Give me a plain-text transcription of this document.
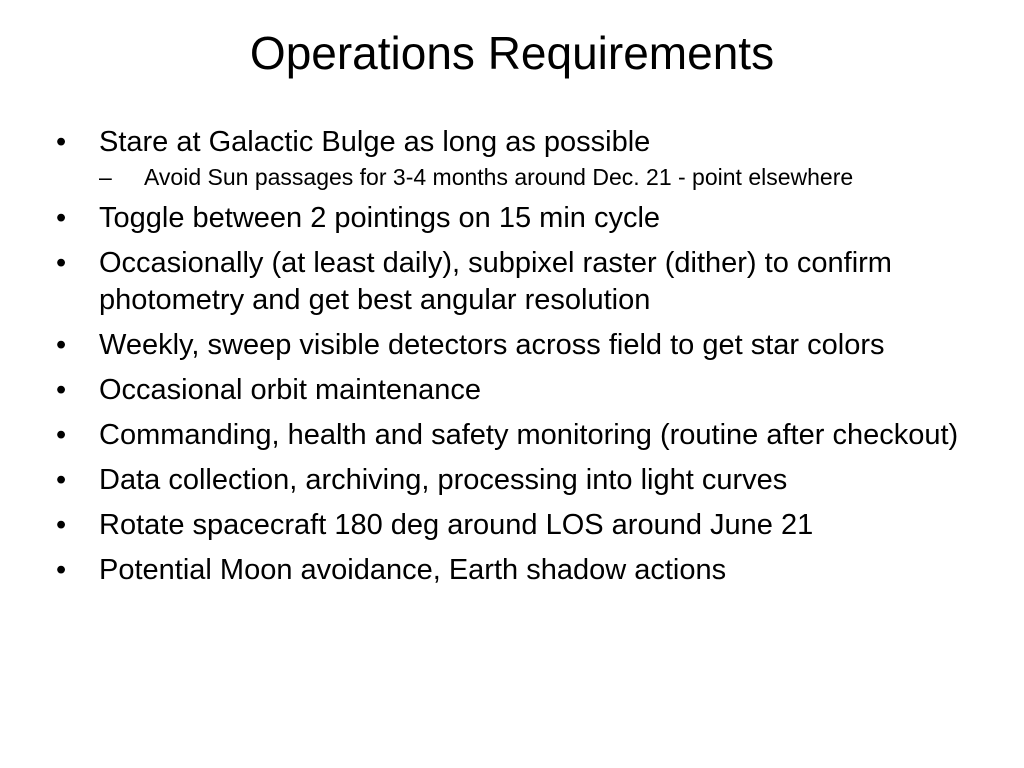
Operations Requirements
•	Stare at Galactic Bulge as long as possible
–	Avoid Sun passages for 3-4 months around Dec. 21 - point elsewhere
•	Toggle between 2 pointings on 15 min cycle
•	Occasionally (at least daily), subpixel raster (dither) to confirm photometry and get best angular resolution
•	Weekly, sweep visible detectors across field to get star colors
•	Occasional orbit maintenance
•	Commanding, health and safety monitoring (routine after checkout)
•	Data collection, archiving, processing into light curves
•	Rotate spacecraft 180 deg around LOS around June 21
•	Potential Moon avoidance, Earth shadow actions
